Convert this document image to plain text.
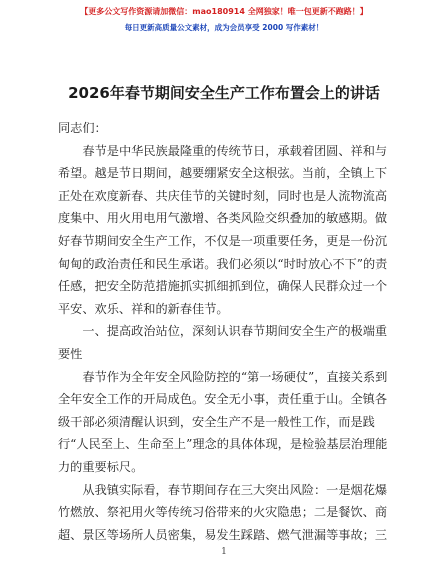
【更多公文写作资源请加微信：mao180914 全网独家！唯一包更新不跑路！】
每日更新高质量公文素材，成为会员享受 2000 写作素材！
2026年春节期间安全生产工作布置会上的讲话

同志们：

春节是中华民族最隆重的传统节日，承载着团圆、祥和与希望。越是节日期间，越要绷紧安全这根弦。当前，全镇上下正处在欢度新春、共庆佳节的关键时刻，同时也是人流物流高度集中、用火用电用气激增、各类风险交织叠加的敏感期。做好春节期间安全生产工作，不仅是一项重要任务，更是一份沉甸甸的政治责任和民生承诺。我们必须以“时时放心不下”的责任感，把安全防范措施抓实抓细抓到位，确保人民群众过一个平安、欢乐、祥和的新春佳节。

一、提高政治站位，深刻认识春节期间安全生产的极端重要性

春节作为全年安全风险防控的“第一场硬仗”，直接关系到全年安全工作的开局成色。安全无小事，责任重于山。全镇各级干部必须清醒认识到，安全生产不是一般性工作，而是践行“人民至上、生命至上”理念的具体体现，是检验基层治理能力的重要标尺。

从我镇实际看，春节期间存在三大突出风险：一是烟花爆竹燃放、祭祀用火等传统习俗带来的火灾隐患；二是餐饮、商超、景区等场所人员密集，易发生踩踏、燃气泄漏等事故；三

1
